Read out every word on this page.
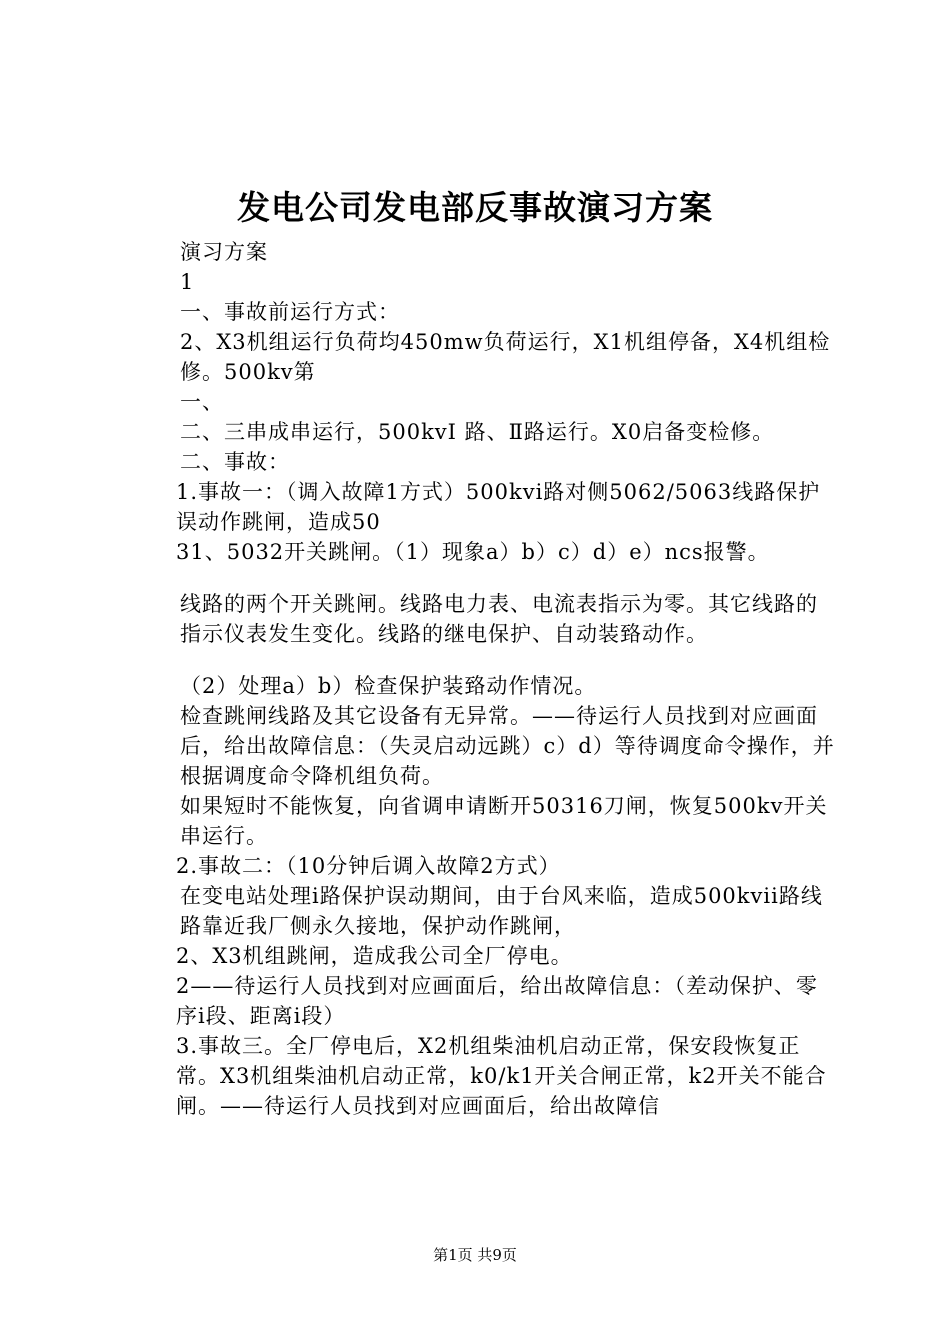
发电公司发电部反事故演习方案

演习方案

1

一、事故前运行方式：

2、X3机组运行负荷均450mw负荷运行，X1机组停备，X4机组检修。500kv第

一、

二、三串成串运行，500kvⅠ 路、Ⅱ路运行。X0启备变检修。

二、事故：

1.事故一：（调入故障1方式）500kvi路对侧5062/5063线路保护误动作跳闸，造成50

31、5032开关跳闸。（1）现象a）b）c）d）e）ncs报警。

线路的两个开关跳闸。线路电力表、电流表指示为零。其它线路的指示仪表发生变化。线路的继电保护、自动装臵动作。

（2）处理a）b）检查保护装臵动作情况。

检查跳闸线路及其它设备有无异常。——待运行人员找到对应画面后，给出故障信息：（失灵启动远跳）c）d）等待调度命令操作，并根据调度命令降机组负荷。

如果短时不能恢复，向省调申请断开50316刀闸，恢复500kv开关串运行。

2.事故二：（10分钟后调入故障2方式）

在变电站处理i路保护误动期间，由于台风来临，造成500kvii路线路靠近我厂侧永久接地，保护动作跳闸，

2、X3机组跳闸，造成我公司全厂停电。

2——待运行人员找到对应画面后，给出故障信息：（差动保护、零序i段、距离i段）

3.事故三。全厂停电后，X2机组柴油机启动正常，保安段恢复正常。X3机组柴油机启动正常，k0/k1开关合闸正常，k2开关不能合闸。——待运行人员找到对应画面后，给出故障信

第1页 共9页
